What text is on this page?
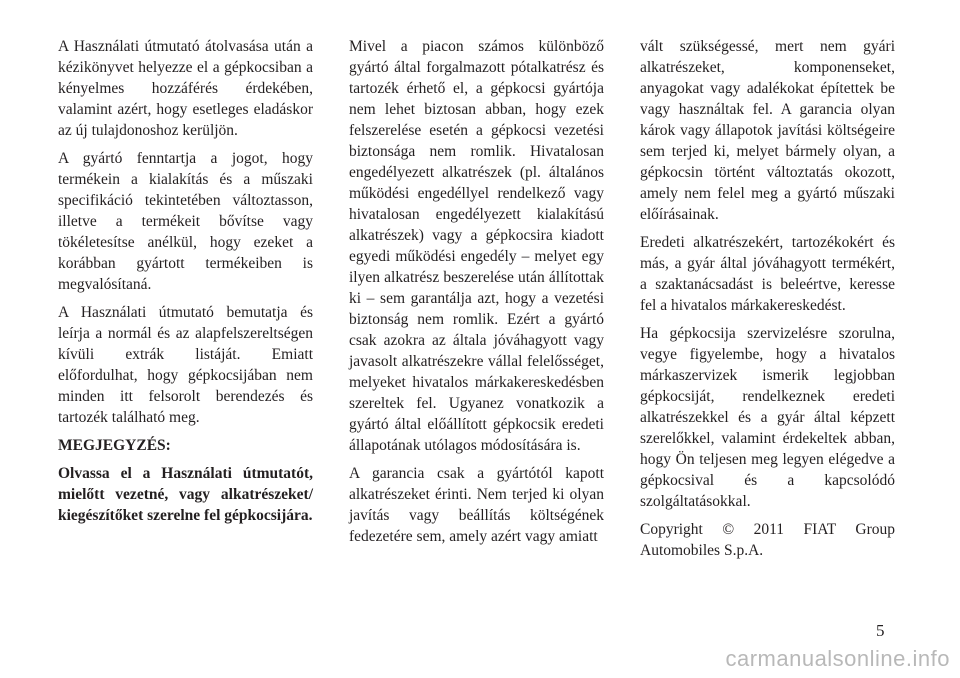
A Használati útmutató átolvasása után a kézikönyvet helyezze el a gépkocsiban a kényelmes hozzáférés érdekében, valamint azért, hogy esetleges eladáskor az új tulajdonoshoz kerüljön.

A gyártó fenntartja a jogot, hogy termékein a kialakítás és a műszaki specifikáció tekintetében változtasson, illetve a termékeit bővítse vagy tökéletesítse anélkül, hogy ezeket a korábban gyártott termékeiben is megvalósítaná.

A Használati útmutató bemutatja és leírja a normál és az alapfelszereltségen kívüli extrák listáját. Emiatt előfordulhat, hogy gépkocsijában nem minden itt felsorolt berendezés és tartozék található meg.

MEGJEGYZÉS:

Olvassa el a Használati útmutatót, mielőtt vezetné, vagy alkatrészeket/ kiegészítőket szerelne fel gépkocsijára.

Mivel a piacon számos különböző gyártó által forgalmazott pótalkatrész és tartozék érhető el, a gépkocsi gyártója nem lehet biztosan abban, hogy ezek felszerelése esetén a gépkocsi vezetési biztonsága nem romlik. Hivatalosan engedélyezett alkatrészek (pl. általános működési engedéllyel rendelkező vagy hivatalosan engedélyezett kialakítású alkatrészek) vagy a gépkocsira kiadott egyedi működési engedély – melyet egy ilyen alkatrész beszerelése után állítottak ki – sem garantálja azt, hogy a vezetési biztonság nem romlik. Ezért a gyártó csak azokra az általa jóváhagyott vagy javasolt alkatrészekre vállal felelősséget, melyeket hivatalos márkakereskedésben szereltek fel. Ugyanez vonatkozik a gyártó által előállított gépkocsik eredeti állapotának utólagos módosítására is.

A garancia csak a gyártótól kapott alkatrészeket érinti. Nem terjed ki olyan javítás vagy beállítás költségének fedezetére sem, amely azért vagy amiatt

vált szükségessé, mert nem gyári alkatrészeket, komponenseket, anyagokat vagy adalékokat építettek be vagy használtak fel. A garancia olyan károk vagy állapotok javítási költségeire sem terjed ki, melyet bármely olyan, a gépkocsin történt változtatás okozott, amely nem felel meg a gyártó műszaki előírásainak.

Eredeti alkatrészekért, tartozékokért és más, a gyár által jóváhagyott termékért, a szaktanácsadást is beleértve, keresse fel a hivatalos márkakereskedést.

Ha gépkocsija szervizelésre szorulna, vegye figyelembe, hogy a hivatalos márkaszervizek ismerik legjobban gépkocsiját, rendelkeznek eredeti alkatrészekkel és a gyár által képzett szerelőkkel, valamint érdekeltek abban, hogy Ön teljesen meg legyen elégedve a gépkocsival és a kapcsolódó szolgáltatásokkal.

Copyright © 2011 FIAT Group Automobiles S.p.A.

5
carmanualsonline.info
